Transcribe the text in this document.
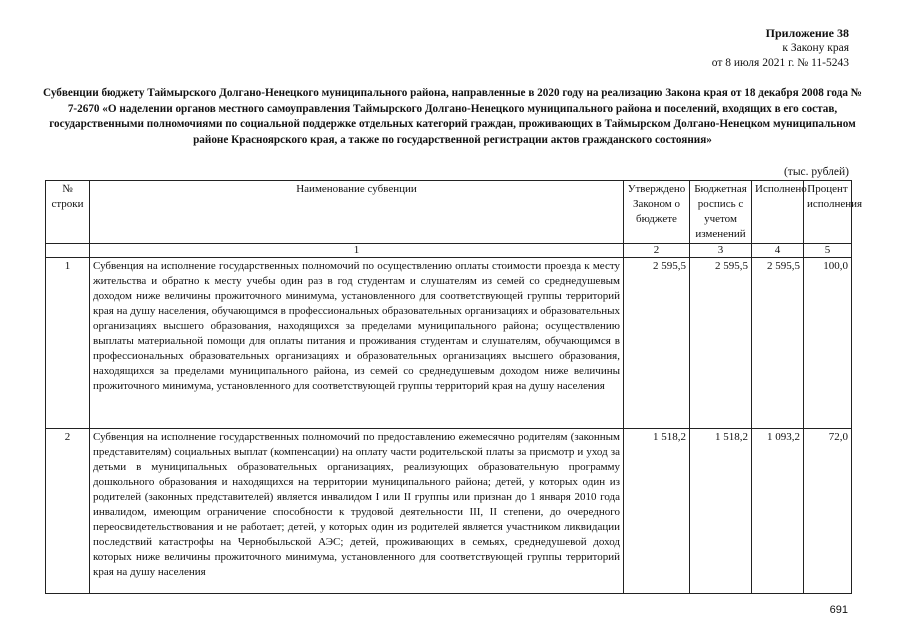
Приложение 38
к Закону края
от 8 июля 2021 г. № 11-5243
Субвенции бюджету Таймырского Долгано-Ненецкого муниципального района, направленные в 2020 году на реализацию Закона края от 18 декабря 2008 года № 7-2670 «О наделении органов местного самоуправления Таймырского Долгано-Ненецкого муниципального района и поселений, входящих в его состав, государственными полномочиями по социальной поддержке отдельных категорий граждан, проживающих в Таймырском Долгано-Ненецком муниципальном районе Красноярского края, а также по государственной регистрации актов гражданского состояния»
(тыс. рублей)
№ строки	Наименование субвенции	Утверждено Законом о бюджете	Бюджетная роспись с учетом изменений	Исполнено	Процент исполнения
	1	2	3	4	5
1	Субвенция на исполнение государственных полномочий по осуществлению оплаты стоимости проезда к месту жительства и обратно к месту учебы один раз в год студентам и слушателям из семей со среднедушевым доходом ниже величины прожиточного минимума, установленного для соответствующей группы территорий края на душу населения, обучающимся в профессиональных образовательных организациях и образовательных организациях высшего образования, находящихся за пределами муниципального района; осуществлению выплаты материальной помощи для оплаты питания и проживания студентам и слушателям, обучающимся в профессиональных образовательных организациях и образовательных организациях высшего образования, находящихся за пределами муниципального района, из семей со среднедушевым доходом ниже величины прожиточного минимума, установленного для соответствующей группы территорий края на душу населения	2 595,5	2 595,5	2 595,5	100,0
2	Субвенция на исполнение государственных полномочий по предоставлению ежемесячно родителям (законным представителям) социальных выплат (компенсации) на оплату части родительской платы за присмотр и уход за детьми в муниципальных образовательных организациях, реализующих образовательную программу дошкольного образования и находящихся на территории муниципального района; детей, у которых один из родителей (законных представителей) является инвалидом I или II группы или признан до 1 января 2010 года инвалидом, имеющим ограничение способности к трудовой деятельности III, II степени, до очередного переосвидетельствования и не работает; детей, у которых один из родителей является участником ликвидации последствий катастрофы на Чернобыльской АЭС; детей, проживающих в семьях, среднедушевой доход которых ниже величины прожиточного минимума, установленного для соответствующей группы территорий края на душу населения	1 518,2	1 518,2	1 093,2	72,0
691
